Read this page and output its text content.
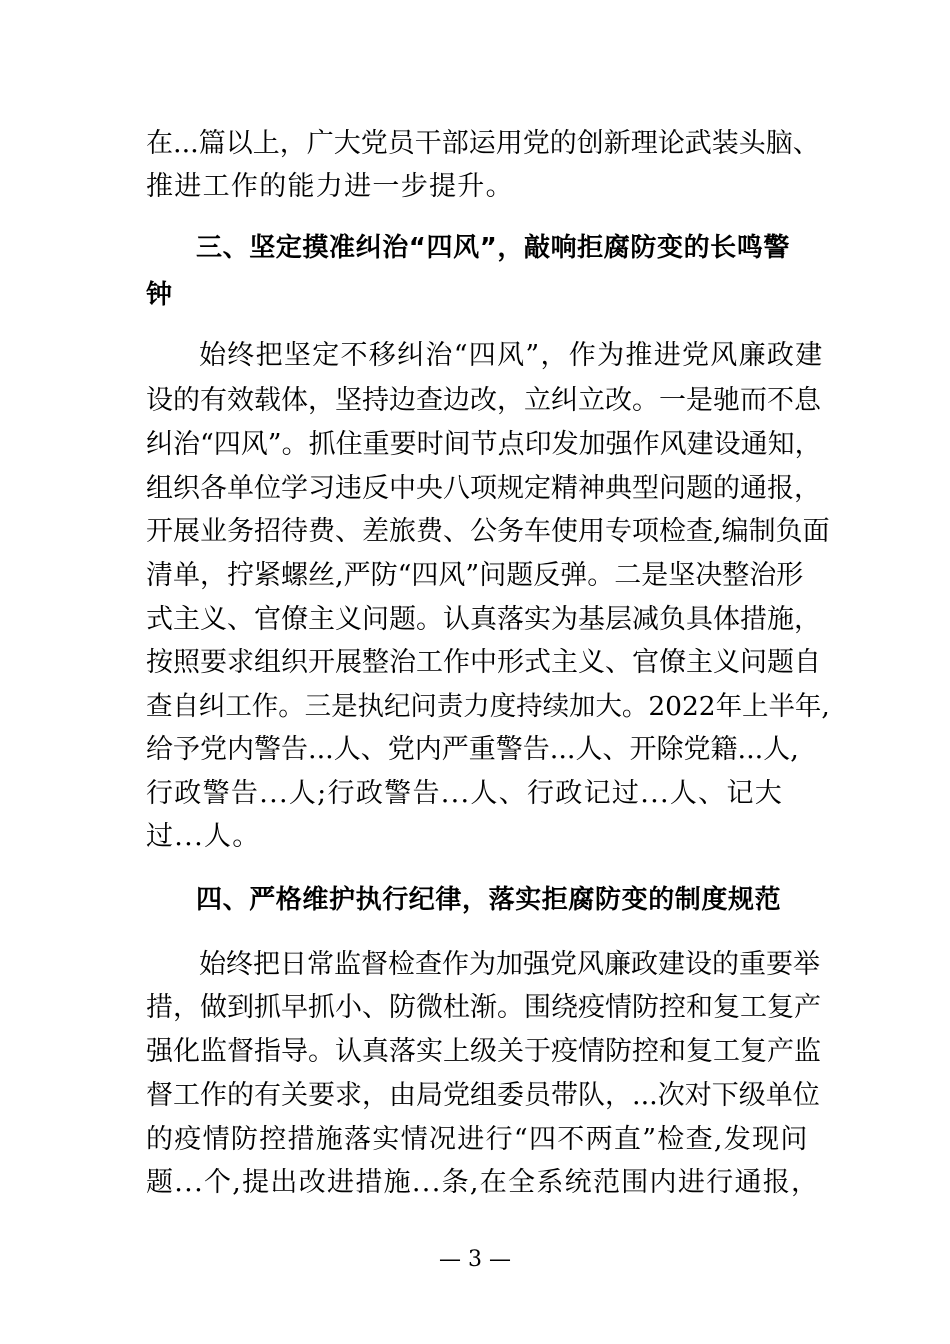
在...篇以上，广大党员干部运用党的创新理论武装头脑、
推进工作的能力进一步提升。
三、坚定摸准纠治“四风”，敲响拒腐防变的长鸣警
钟
始终把坚定不移纠治“四风”，作为推进党风廉政建
设的有效载体，坚持边查边改，立纠立改。一是驰而不息
纠治“四风”。抓住重要时间节点印发加强作风建设通知，
组织各单位学习违反中央八项规定精神典型问题的通报，
开展业务招待费、差旅费、公务车使用专项检查,编制负面
清单，拧紧螺丝,严防“四风”问题反弹。二是坚决整治形
式主义、官僚主义问题。认真落实为基层减负具体措施，
按照要求组织开展整治工作中形式主义、官僚主义问题自
查自纠工作。三是执纪问责力度持续加大。2022年上半年,
给予党内警告...人、党内严重警告...人、开除党籍...人,
行政警告...人;行政警告...人、行政记过...人、记大
过...人。
四、严格维护执行纪律，落实拒腐防变的制度规范
始终把日常监督检查作为加强党风廉政建设的重要举
措，做到抓早抓小、防微杜渐。围绕疫情防控和复工复产
强化监督指导。认真落实上级关于疫情防控和复工复产监
督工作的有关要求，由局党组委员带队，...次对下级单位
的疫情防控措施落实情况进行“四不两直”检查,发现问
题...个,提出改进措施...条,在全系统范围内进行通报，
— 3 —
